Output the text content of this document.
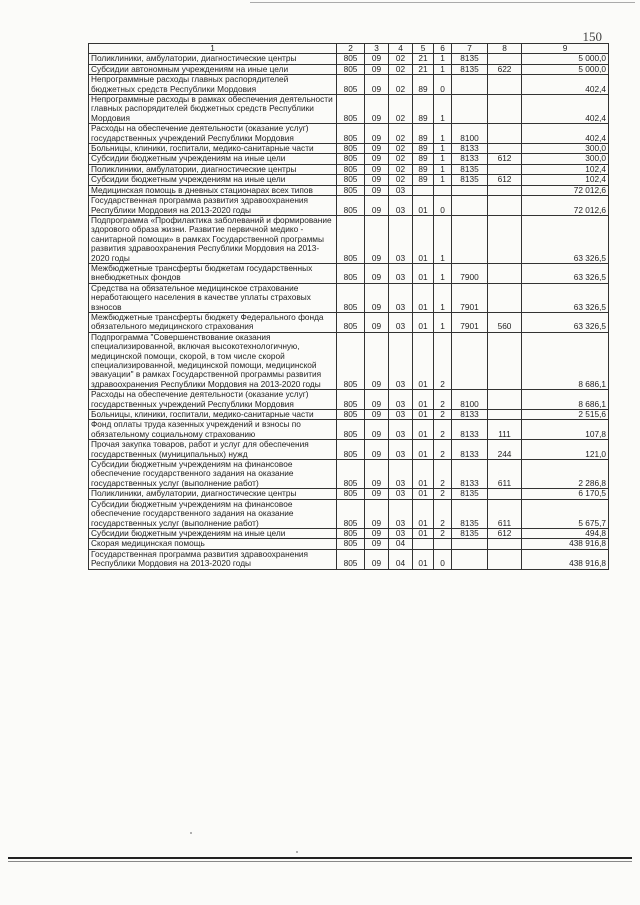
150
1	2	3	4	5	6	7	8	9
Поликлиники, амбулатории, диагностические центры	805	09	02	21	1	8135		5 000,0
Субсидии автономным учреждениям на иные цели	805	09	02	21	1	8135	622	5 000,0
Непрограммные расходы главных распорядителей бюджетных средств Республики Мордовия	805	09	02	89	0			402,4
Непрограммные расходы в рамках обеспечения деятельности главных распорядителей бюджетных средств Республики Мордовия	805	09	02	89	1			402,4
Расходы на обеспечение деятельности (оказание услуг) государственных учреждений Республики Мордовия	805	09	02	89	1	8100		402,4
Больницы, клиники, госпитали, медико-санитарные части	805	09	02	89	1	8133		300,0
Субсидии бюджетным учреждениям на иные цели	805	09	02	89	1	8133	612	300,0
Поликлиники, амбулатории, диагностические центры	805	09	02	89	1	8135		102,4
Субсидии бюджетным учреждениям на иные цели	805	09	02	89	1	8135	612	102,4
Медицинская помощь в дневных стационарах всех типов	805	09	03					72 012,6
Государственная программа развития здравоохранения Республики Мордовия на 2013-2020 годы	805	09	03	01	0			72 012,6
Подпрограмма «Профилактика заболеваний и формирование здорового образа жизни. Развитие первичной медико - санитарной помощи» в рамках Государственной программы развития здравоохранения Республики Мордовия на 2013-2020 годы	805	09	03	01	1			63 326,5
Межбюджетные трансферты бюджетам государственных внебюджетных фондов	805	09	03	01	1	7900		63 326,5
Средства на обязательное медицинское страхование неработающего населения в качестве уплаты страховых взносов	805	09	03	01	1	7901		63 326,5
Межбюджетные трансферты бюджету Федерального фонда обязательного медицинского страхования	805	09	03	01	1	7901	560	63 326,5
Подпрограмма "Совершенствование оказания специализированной, включая высокотехнологичную, медицинской помощи, скорой, в том числе скорой специализированной, медицинской помощи, медицинской эвакуации" в рамках Государственной программы развития здравоохранения Республики Мордовия на 2013-2020 годы	805	09	03	01	2			8 686,1
Расходы на обеспечение деятельности (оказание услуг) государственных учреждений Республики Мордовия	805	09	03	01	2	8100		8 686,1
Больницы, клиники, госпитали, медико-санитарные части	805	09	03	01	2	8133		2 515,6
Фонд оплаты труда казенных учреждений и взносы по обязательному социальному страхованию	805	09	03	01	2	8133	111	107,8
Прочая закупка товаров, работ и услуг для обеспечения государственных (муниципальных) нужд	805	09	03	01	2	8133	244	121,0
Субсидии бюджетным учреждениям на финансовое обеспечение государственного задания на оказание государственных услуг (выполнение работ)	805	09	03	01	2	8133	611	2 286,8
Поликлиники, амбулатории, диагностические центры	805	09	03	01	2	8135		6 170,5
Субсидии бюджетным учреждениям на финансовое обеспечение государственного задания на оказание государственных услуг (выполнение работ)	805	09	03	01	2	8135	611	5 675,7
Субсидии бюджетным учреждениям на иные цели	805	09	03	01	2	8135	612	494,8
Скорая медицинская помощь	805	09	04					438 916,8
Государственная программа развития здравоохранения Республики Мордовия на 2013-2020 годы	805	09	04	01	0			438 916,8
